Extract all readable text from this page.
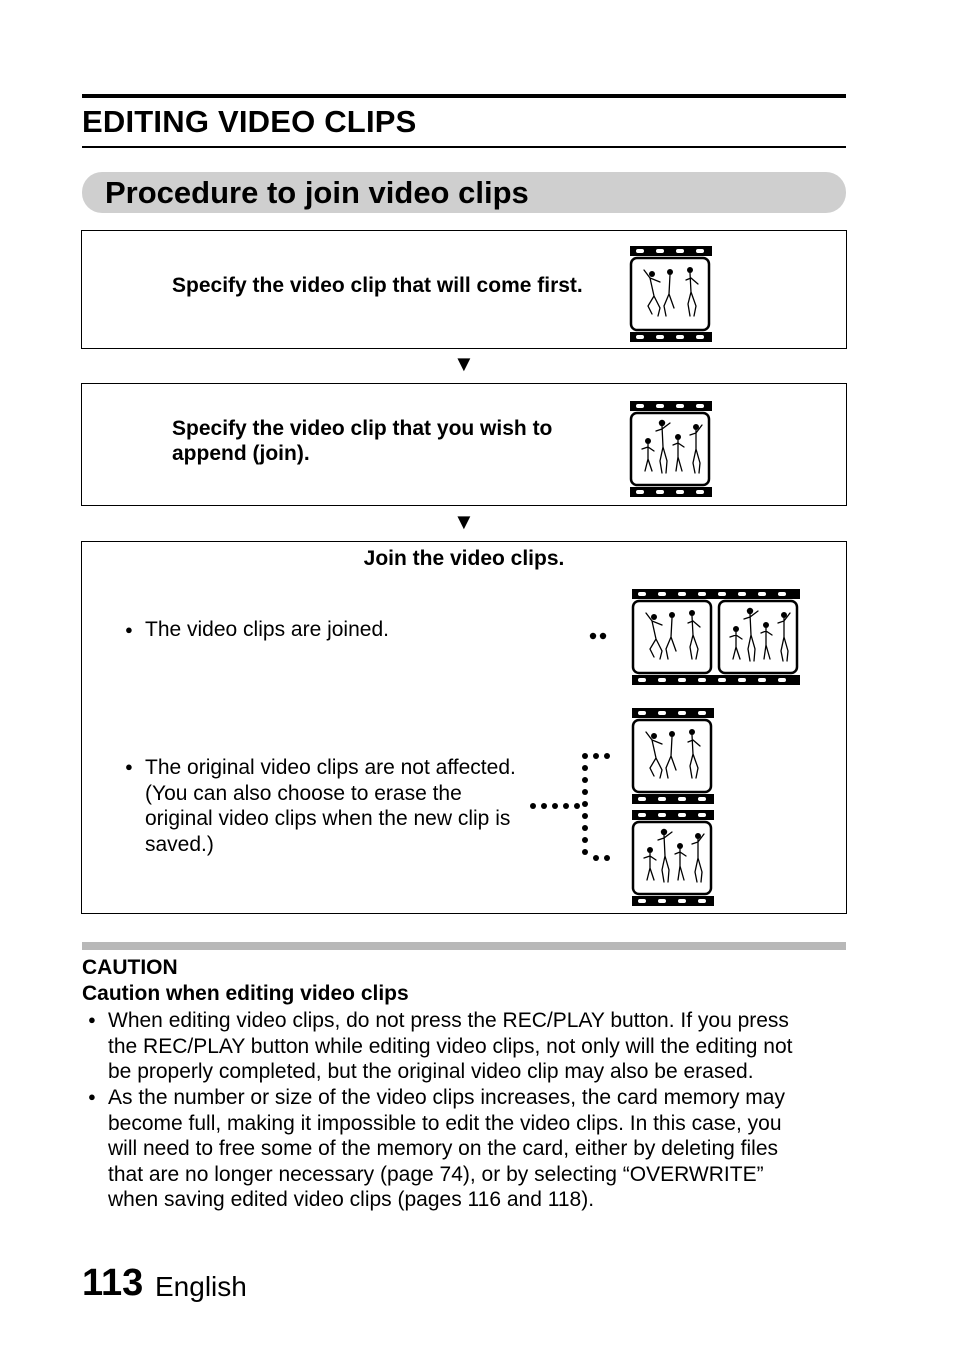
EDITING VIDEO CLIPS
Procedure to join video clips
Specify the video clip that will come first.
▼
Specify the video clip that you wish to
append (join).
▼
Join the video clips.
● The video clips are joined.
● The original video clips are not affected.
(You can also choose to erase the
original video clips when the new clip is
saved.)
CAUTION
Caution when editing video clips
● When editing video clips, do not press the REC/PLAY button. If you press
the REC/PLAY button while editing video clips, not only will the editing not
be properly completed, but the original video clip may also be erased.
● As the number or size of the video clips increases, the card memory may
become full, making it impossible to edit the video clips. In this case, you
will need to free some of the memory on the card, either by deleting files
that are no longer necessary (page 74), or by selecting “OVERWRITE”
when saving edited video clips (pages 116 and 118).
113 English
